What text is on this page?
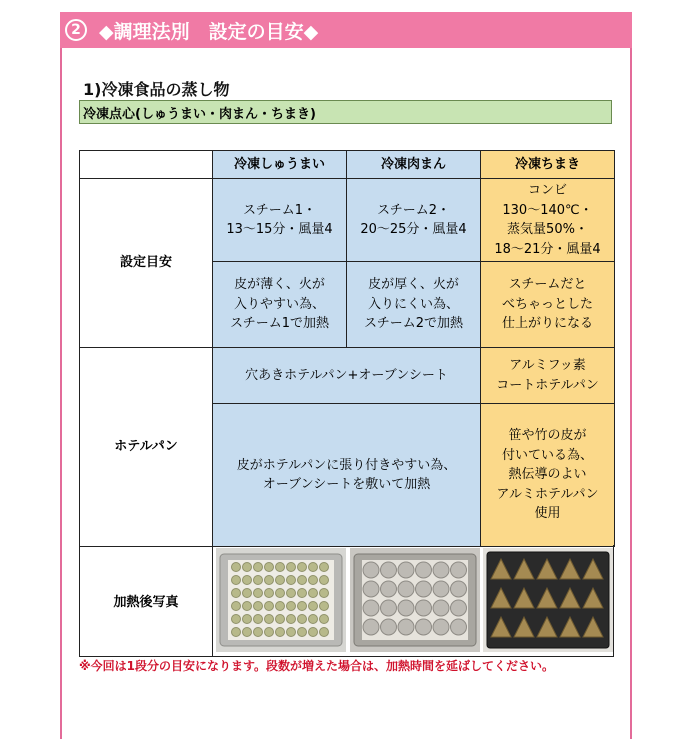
2 ◆調理法別　設定の目安◆
1)冷凍食品の蒸し物
冷凍点心(しゅうまい・肉まん・ちまき)
	冷凍しゅうまい	冷凍肉まん	冷凍ちまき
設定目安	スチーム1・
13〜15分・風量4	スチーム2・
20〜25分・風量4	コンビ
130〜140℃・
蒸気量50%・
18〜21分・風量4
	皮が薄く、火が
入りやすい為、
スチーム1で加熱	皮が厚く、火が
入りにくい為、
スチーム2で加熱	スチームだと
べちゃっとした
仕上がりになる
ホテルパン	穴あきホテルパン+オーブンシート		アルミフッ素
コートホテルパン
	皮がホテルパンに張り付きやすい為、
オーブンシートを敷いて加熱		笹や竹の皮が
付いている為、
熱伝導のよい
アルミホテルパン
使用
加熱後写真
※今回は1段分の目安になります。段数が増えた場合は、加熱時間を延ばしてください。
